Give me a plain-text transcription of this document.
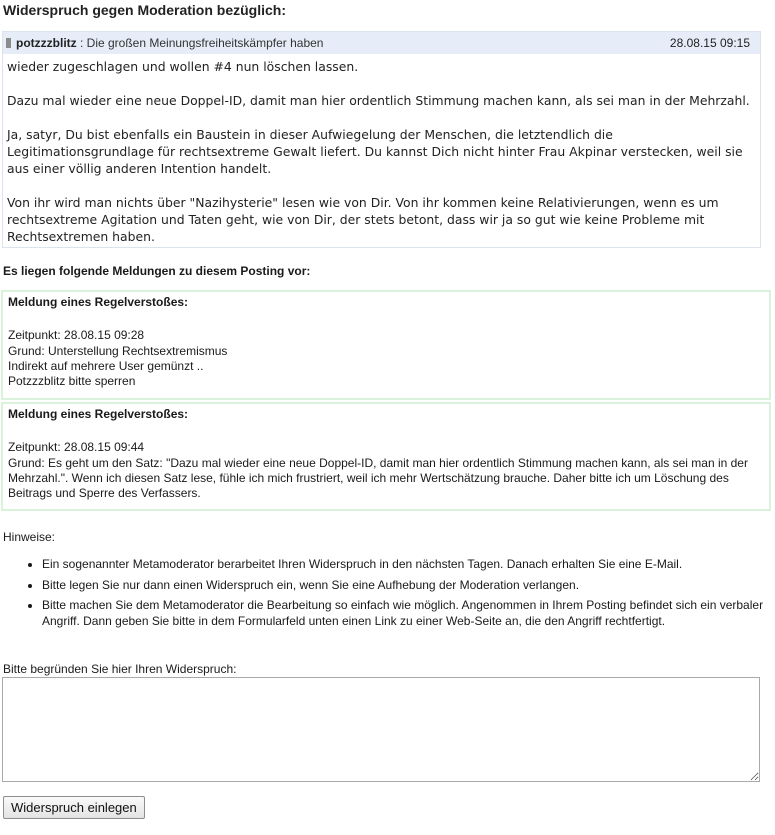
Widerspruch gegen Moderation bezüglich:
potzzzblitz : Die großen Meinungsfreiheitskämpfer haben	28.08.15 09:15

wieder zugeschlagen und wollen #4 nun löschen lassen.

Dazu mal wieder eine neue Doppel-ID, damit man hier ordentlich Stimmung machen kann, als sei man in der Mehrzahl.

Ja, satyr, Du bist ebenfalls ein Baustein in dieser Aufwiegelung der Menschen, die letztendlich die Legitimationsgrundlage für rechtsextreme Gewalt liefert. Du kannst Dich nicht hinter Frau Akpinar verstecken, weil sie aus einer völlig anderen Intention handelt.

Von ihr wird man nichts über "Nazihysterie" lesen wie von Dir. Von ihr kommen keine Relativierungen, wenn es um rechtsextreme Agitation und Taten geht, wie von Dir, der stets betont, dass wir ja so gut wie keine Probleme mit Rechtsextremen haben.

Es liegen folgende Meldungen zu diesem Posting vor:
Meldung eines Regelverstoßes:

Zeitpunkt: 28.08.15 09:28

Grund: Unterstellung Rechtsextremismus

Indirekt auf mehrere User gemünzt ..

Potzzzblitz bitte sperren

Meldung eines Regelverstoßes:

Zeitpunkt: 28.08.15 09:44

Grund: Es geht um den Satz: "Dazu mal wieder eine neue Doppel-ID, damit man hier ordentlich Stimmung machen kann, als sei man in der Mehrzahl.". Wenn ich diesen Satz lese, fühle ich mich frustriert, weil ich mehr Wertschätzung brauche. Daher bitte ich um Löschung des Beitrags und Sperre des Verfassers.

Hinweise:
• Ein sogenannter Metamoderator berarbeitet Ihren Widerspruch in den nächsten Tagen. Danach erhalten Sie eine E-Mail.
• Bitte legen Sie nur dann einen Widerspruch ein, wenn Sie eine Aufhebung der Moderation verlangen.
• Bitte machen Sie dem Metamoderator die Bearbeitung so einfach wie möglich. Angenommen in Ihrem Posting befindet sich ein verbaler Angriff. Dann geben Sie bitte in dem Formularfeld unten einen Link zu einer Web-Seite an, die den Angriff rechtfertigt.
Bitte begründen Sie hier Ihren Widerspruch:
Widerspruch einlegen
